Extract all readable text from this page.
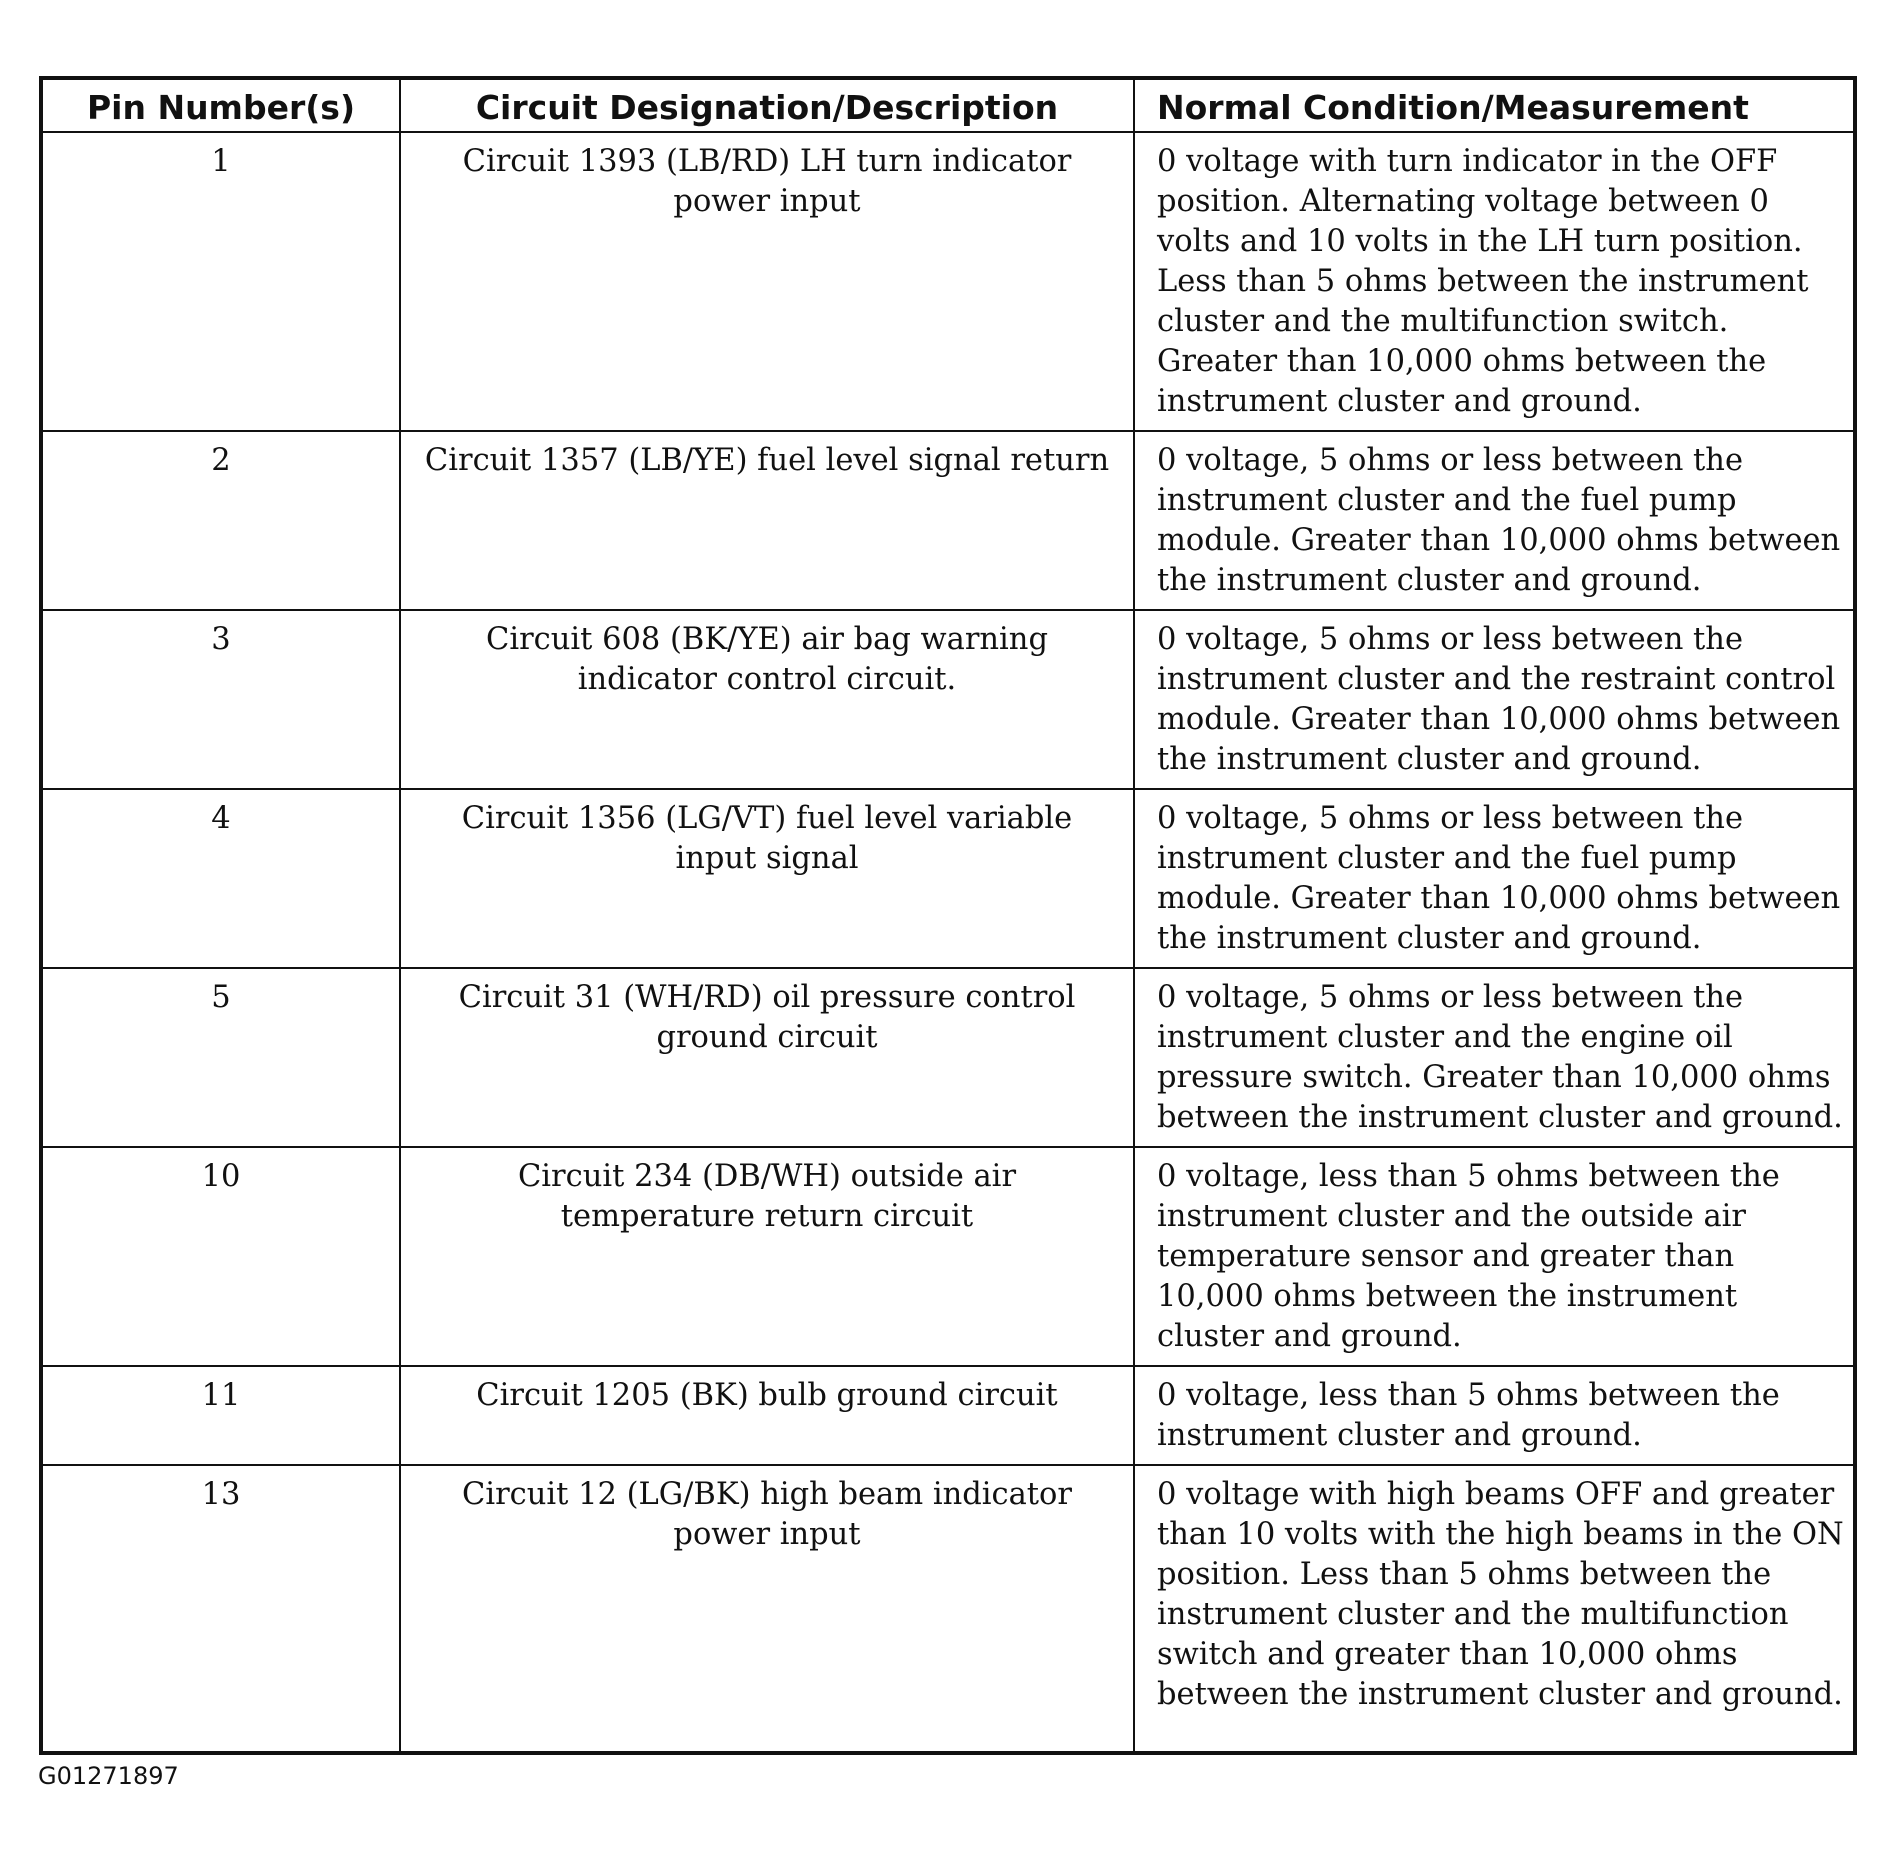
Pin Number(s)	Circuit Designation/Description	Normal Condition/Measurement
1	Circuit 1393 (LB/RD) LH turn indicator power input	0 voltage with turn indicator in the OFF position. Alternating voltage between 0 volts and 10 volts in the LH turn position. Less than 5 ohms between the instrument cluster and the multifunction switch. Greater than 10,000 ohms between the instrument cluster and ground.
2	Circuit 1357 (LB/YE) fuel level signal return	0 voltage, 5 ohms or less between the instrument cluster and the fuel pump module. Greater than 10,000 ohms between the instrument cluster and ground.
3	Circuit 608 (BK/YE) air bag warning indicator control circuit.	0 voltage, 5 ohms or less between the instrument cluster and the restraint control module. Greater than 10,000 ohms between the instrument cluster and ground.
4	Circuit 1356 (LG/VT) fuel level variable input signal	0 voltage, 5 ohms or less between the instrument cluster and the fuel pump module. Greater than 10,000 ohms between the instrument cluster and ground.
5	Circuit 31 (WH/RD) oil pressure control ground circuit	0 voltage, 5 ohms or less between the instrument cluster and the engine oil pressure switch. Greater than 10,000 ohms between the instrument cluster and ground.
10	Circuit 234 (DB/WH) outside air temperature return circuit	0 voltage, less than 5 ohms between the instrument cluster and the outside air temperature sensor and greater than 10,000 ohms between the instrument cluster and ground.
11	Circuit 1205 (BK) bulb ground circuit	0 voltage, less than 5 ohms between the instrument cluster and ground.
13	Circuit 12 (LG/BK) high beam indicator power input	0 voltage with high beams OFF and greater than 10 volts with the high beams in the ON position. Less than 5 ohms between the instrument cluster and the multifunction switch and greater than 10,000 ohms between the instrument cluster and ground.
G01271897
